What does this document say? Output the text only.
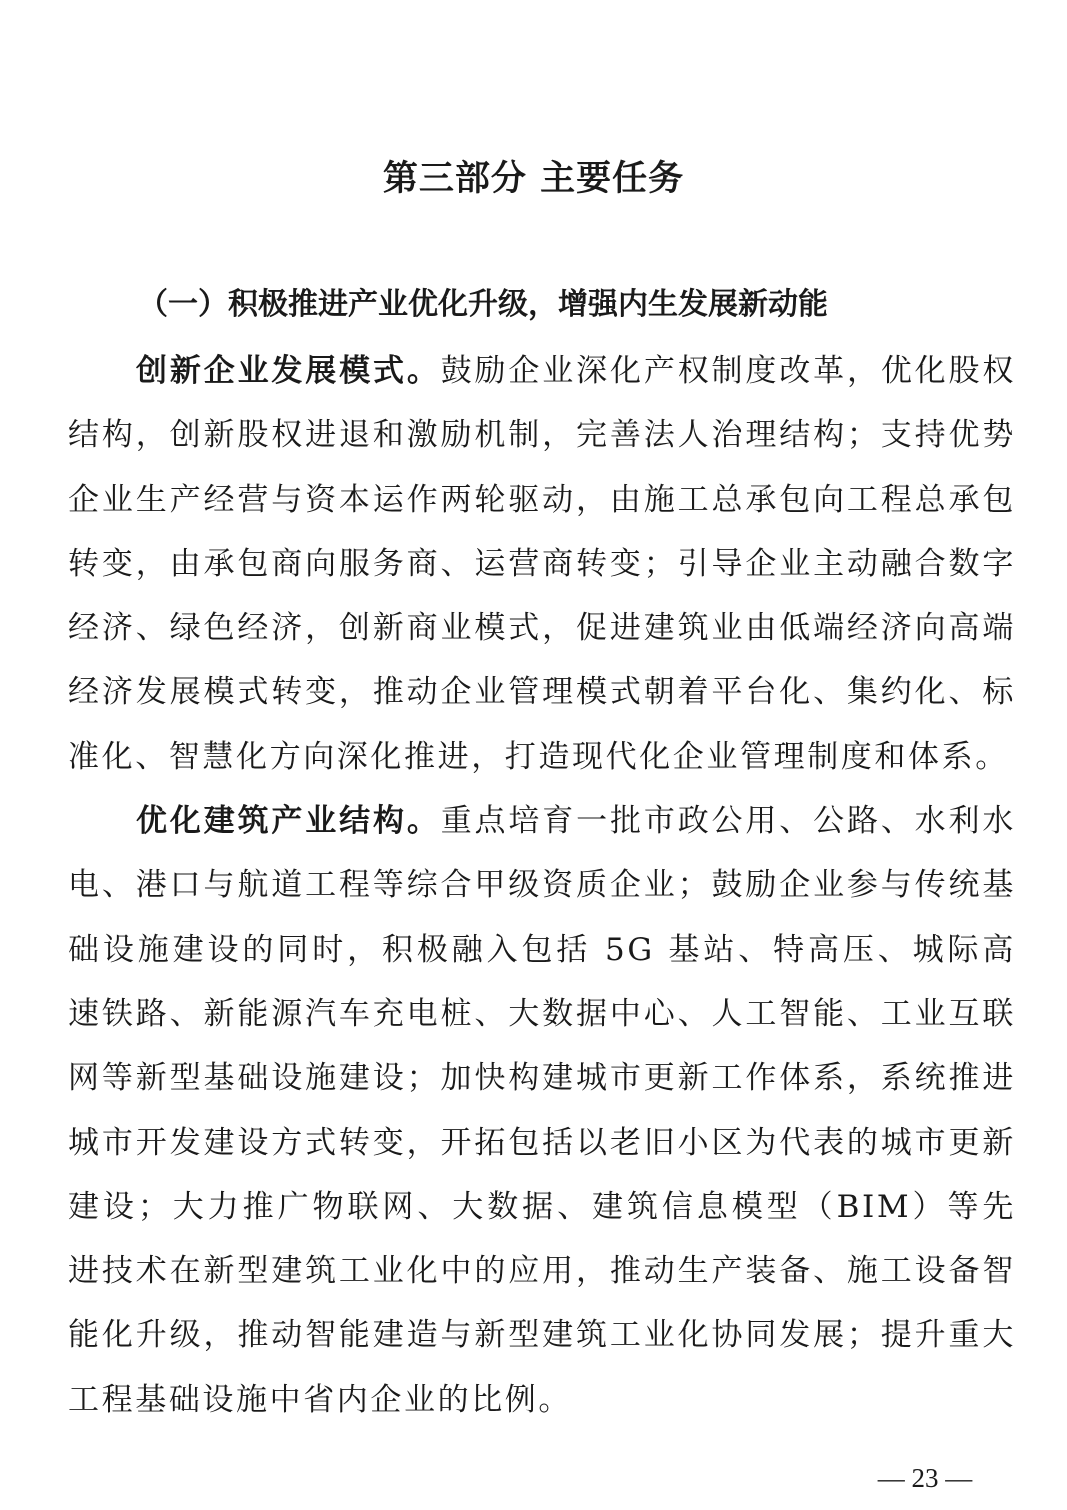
第三部分 主要任务
（一）积极推进产业优化升级，增强内生发展新动能

创新企业发展模式。鼓励企业深化产权制度改革，优化股权结构，创新股权进退和激励机制，完善法人治理结构；支持优势企业生产经营与资本运作两轮驱动，由施工总承包向工程总承包转变，由承包商向服务商、运营商转变；引导企业主动融合数字经济、绿色经济，创新商业模式，促进建筑业由低端经济向高端经济发展模式转变，推动企业管理模式朝着平台化、集约化、标准化、智慧化方向深化推进，打造现代化企业管理制度和体系。

优化建筑产业结构。重点培育一批市政公用、公路、水利水电、港口与航道工程等综合甲级资质企业；鼓励企业参与传统基础设施建设的同时，积极融入包括 5G 基站、特高压、城际高速铁路、新能源汽车充电桩、大数据中心、人工智能、工业互联网等新型基础设施建设；加快构建城市更新工作体系，系统推进城市开发建设方式转变，开拓包括以老旧小区为代表的城市更新建设；大力推广物联网、大数据、建筑信息模型（BIM）等先进技术在新型建筑工业化中的应用，推动生产装备、施工设备智能化升级，推动智能建造与新型建筑工业化协同发展；提升重大工程基础设施中省内企业的比例。

— 23 —
